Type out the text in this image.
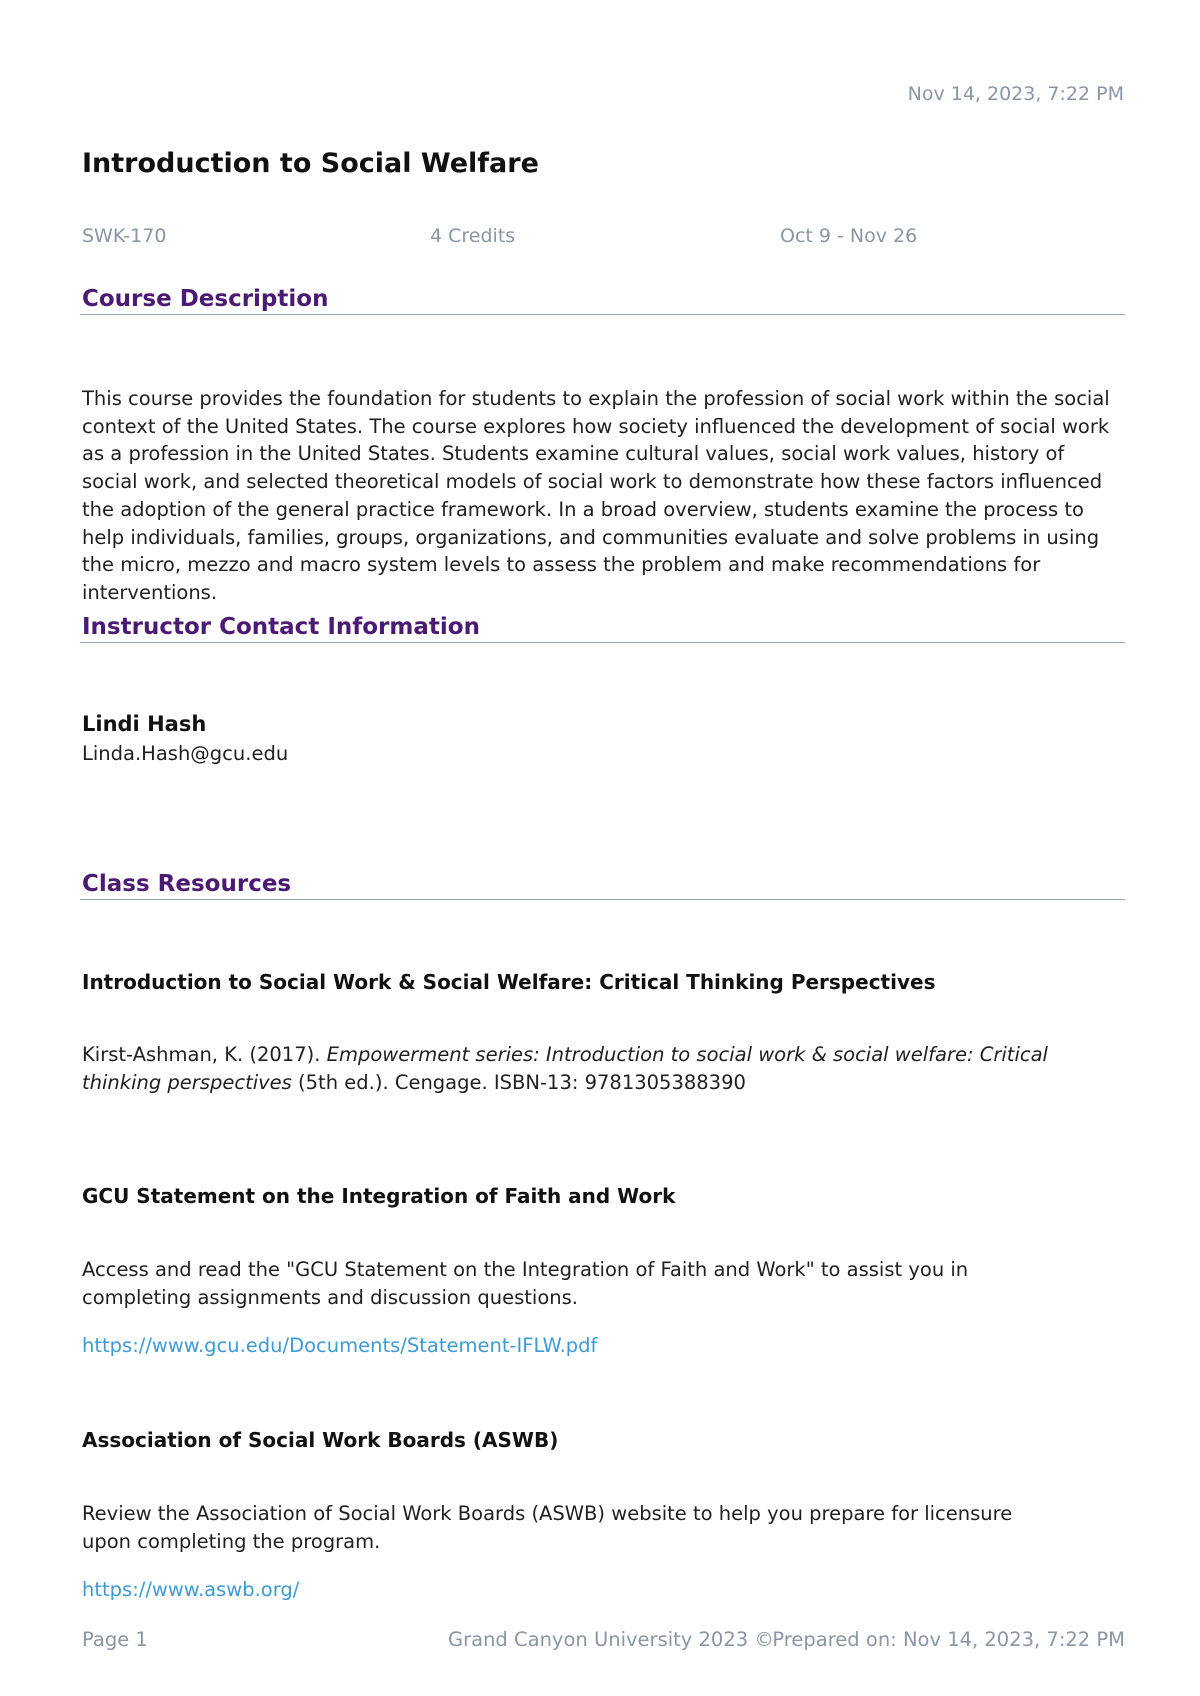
Nov 14, 2023, 7:22 PM
Introduction to Social Welfare
SWK-170	4 Credits	Oct 9 - Nov 26
Course Description

This course provides the foundation for students to explain the profession of social work within the social context of the United States. The course explores how society influenced the development of social work as a profession in the United States. Students examine cultural values, social work values, history of social work, and selected theoretical models of social work to demonstrate how these factors influenced the adoption of the general practice framework. In a broad overview, students examine the process to help individuals, families, groups, organizations, and communities evaluate and solve problems in using the micro, mezzo and macro system levels to assess the problem and make recommendations for interventions.

Instructor Contact Information
Lindi Hash
Linda.Hash@gcu.edu
Class Resources
Introduction to Social Work & Social Welfare: Critical Thinking Perspectives

Kirst-Ashman, K. (2017). Empowerment series: Introduction to social work & social welfare: Critical thinking perspectives (5th ed.). Cengage. ISBN-13: 9781305388390

GCU Statement on the Integration of Faith and Work

Access and read the "GCU Statement on the Integration of Faith and Work" to assist you in completing assignments and discussion questions.

https://www.gcu.edu/Documents/Statement-IFLW.pdf
Association of Social Work Boards (ASWB)

Review the Association of Social Work Boards (ASWB) website to help you prepare for licensure upon completing the program.

https://www.aswb.org/
Page 1	Grand Canyon University 2023 ©
Prepared on: Nov 14, 2023, 7:22 PM
